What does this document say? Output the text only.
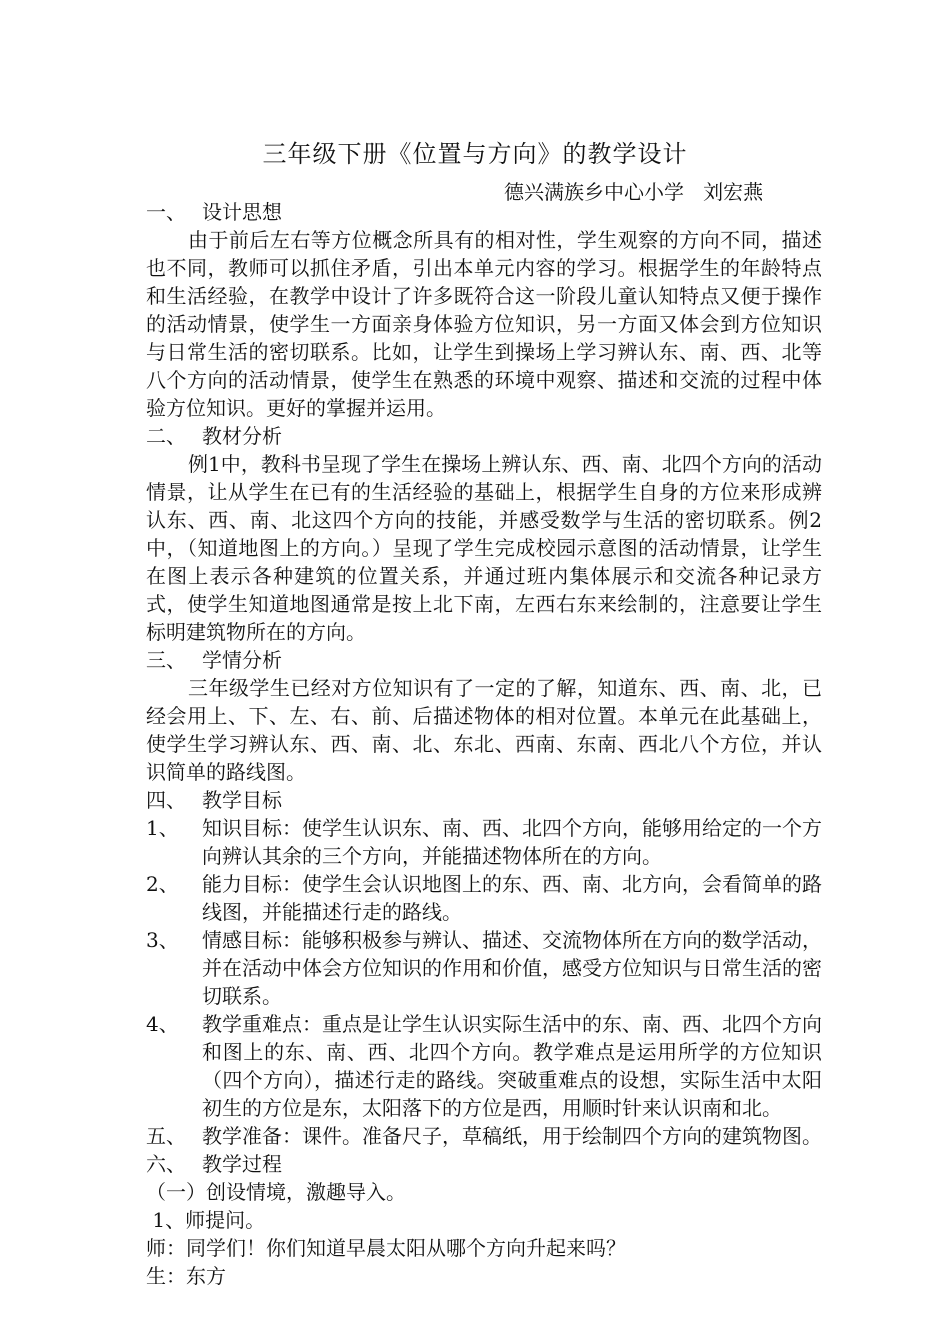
三年级下册《位置与方向》的教学设计
德兴满族乡中心小学   刘宏燕
一、 设计思想
由于前后左右等方位概念所具有的相对性，学生观察的方向不同，描述也不同，教师可以抓住矛盾，引出本单元内容的学习。根据学生的年龄特点和生活经验，在教学中设计了许多既符合这一阶段儿童认知特点又便于操作的活动情景，使学生一方面亲身体验方位知识，另一方面又体会到方位知识与日常生活的密切联系。比如，让学生到操场上学习辨认东、南、西、北等八个方向的活动情景，使学生在熟悉的环境中观察、描述和交流的过程中体验方位知识。更好的掌握并运用。
二、 教材分析
例1中，教科书呈现了学生在操场上辨认东、西、南、北四个方向的活动情景，让从学生在已有的生活经验的基础上，根据学生自身的方位来形成辨认东、西、南、北这四个方向的技能，并感受数学与生活的密切联系。例2中，（知道地图上的方向。）呈现了学生完成校园示意图的活动情景，让学生在图上表示各种建筑的位置关系，并通过班内集体展示和交流各种记录方式，使学生知道地图通常是按上北下南，左西右东来绘制的，注意要让学生标明建筑物所在的方向。
三、 学情分析
三年级学生已经对方位知识有了一定的了解，知道东、西、南、北，已经会用上、下、左、右、前、后描述物体的相对位置。本单元在此基础上，使学生学习辨认东、西、南、北、东北、西南、东南、西北八个方位，并认识简单的路线图。
四、 教学目标
1、 知识目标：使学生认识东、南、西、北四个方向，能够用给定的一个方向辨认其余的三个方向，并能描述物体所在的方向。
2、 能力目标：使学生会认识地图上的东、西、南、北方向，会看简单的路线图，并能描述行走的路线。
3、 情感目标：能够积极参与辨认、描述、交流物体所在方向的数学活动，并在活动中体会方位知识的作用和价值，感受方位知识与日常生活的密切联系。
4、 教学重难点：重点是让学生认识实际生活中的东、南、西、北四个方向和图上的东、南、西、北四个方向。教学难点是运用所学的方位知识（四个方向），描述行走的路线。突破重难点的设想，实际生活中太阳初生的方位是东，太阳落下的方位是西，用顺时针来认识南和北。
五、 教学准备：课件。准备尺子，草稿纸，用于绘制四个方向的建筑物图。
六、 教学过程
（一）创设情境，激趣导入。
1、师提问。
师：同学们！你们知道早晨太阳从哪个方向升起来吗？
生：东方
